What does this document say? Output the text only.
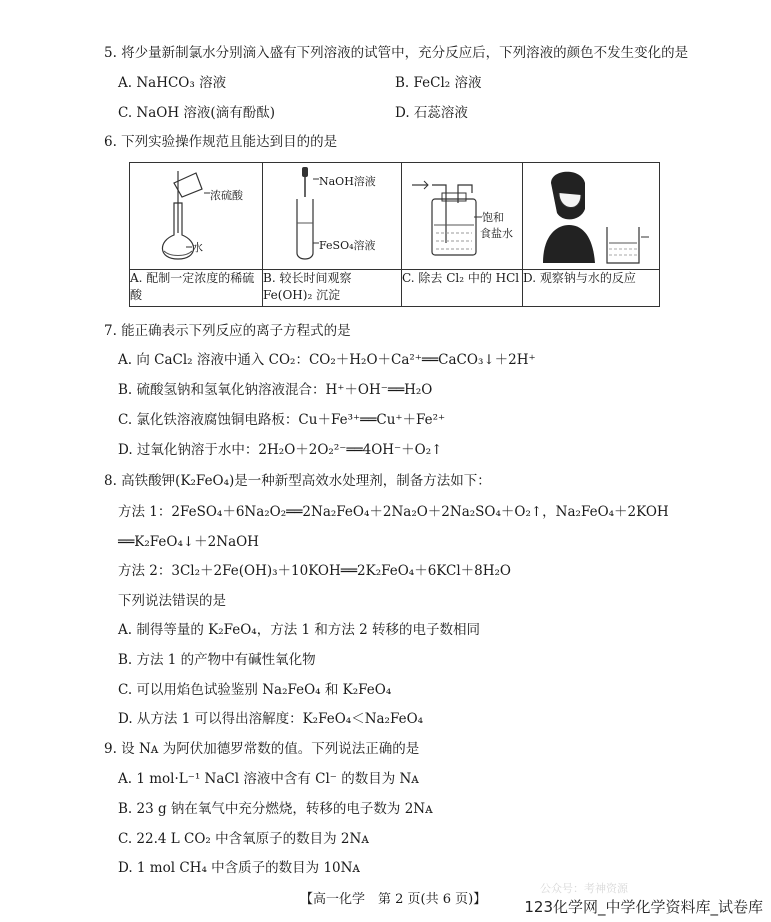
5. 将少量新制氯水分别滴入盛有下列溶液的试管中，充分反应后，下列溶液的颜色不发生变化的是
A. NaHCO₃ 溶液	B. FeCl₂ 溶液
C. NaOH 溶液(滴有酚酞)	D. 石蕊溶液
6. 下列实验操作规范且能达到目的的是
浓硫酸
水	NaOH溶液
FeSO₄溶液	饱和
食盐水

A. 配制一定浓度的稀硫酸	B. 较长时间观察 Fe(OH)₂ 沉淀	C. 除去 Cl₂ 中的 HCl	D. 观察钠与水的反应
7. 能正确表示下列反应的离子方程式的是
A. 向 CaCl₂ 溶液中通入 CO₂：CO₂＋H₂O＋Ca²⁺══CaCO₃↓＋2H⁺
B. 硫酸氢钠和氢氧化钠溶液混合：H⁺＋OH⁻══H₂O
C. 氯化铁溶液腐蚀铜电路板：Cu＋Fe³⁺══Cu⁺＋Fe²⁺
D. 过氧化钠溶于水中：2H₂O＋2O₂²⁻══4OH⁻＋O₂↑
8. 高铁酸钾(K₂FeO₄)是一种新型高效水处理剂，制备方法如下：
方法 1：2FeSO₄＋6Na₂O₂══2Na₂FeO₄＋2Na₂O＋2Na₂SO₄＋O₂↑，Na₂FeO₄＋2KOH
══K₂FeO₄↓＋2NaOH
方法 2：3Cl₂＋2Fe(OH)₃＋10KOH══2K₂FeO₄＋6KCl＋8H₂O
下列说法错误的是
A. 制得等量的 K₂FeO₄，方法 1 和方法 2 转移的电子数相同
B. 方法 1 的产物中有碱性氧化物
C. 可以用焰色试验鉴别 Na₂FeO₄ 和 K₂FeO₄
D. 从方法 1 可以得出溶解度：K₂FeO₄＜Na₂FeO₄
9. 设 Nᴀ 为阿伏加德罗常数的值。下列说法正确的是
A. 1 mol·L⁻¹ NaCl 溶液中含有 Cl⁻ 的数目为 Nᴀ
B. 23 g 钠在氧气中充分燃烧，转移的电子数为 2Nᴀ
C. 22.4 L CO₂ 中含氧原子的数目为 2Nᴀ
D. 1 mol CH₄ 中含质子的数目为 10Nᴀ
【高一化学　第 2 页(共 6 页)】
公众号：考神资源
123化学网_中学化学资料库_试卷库
